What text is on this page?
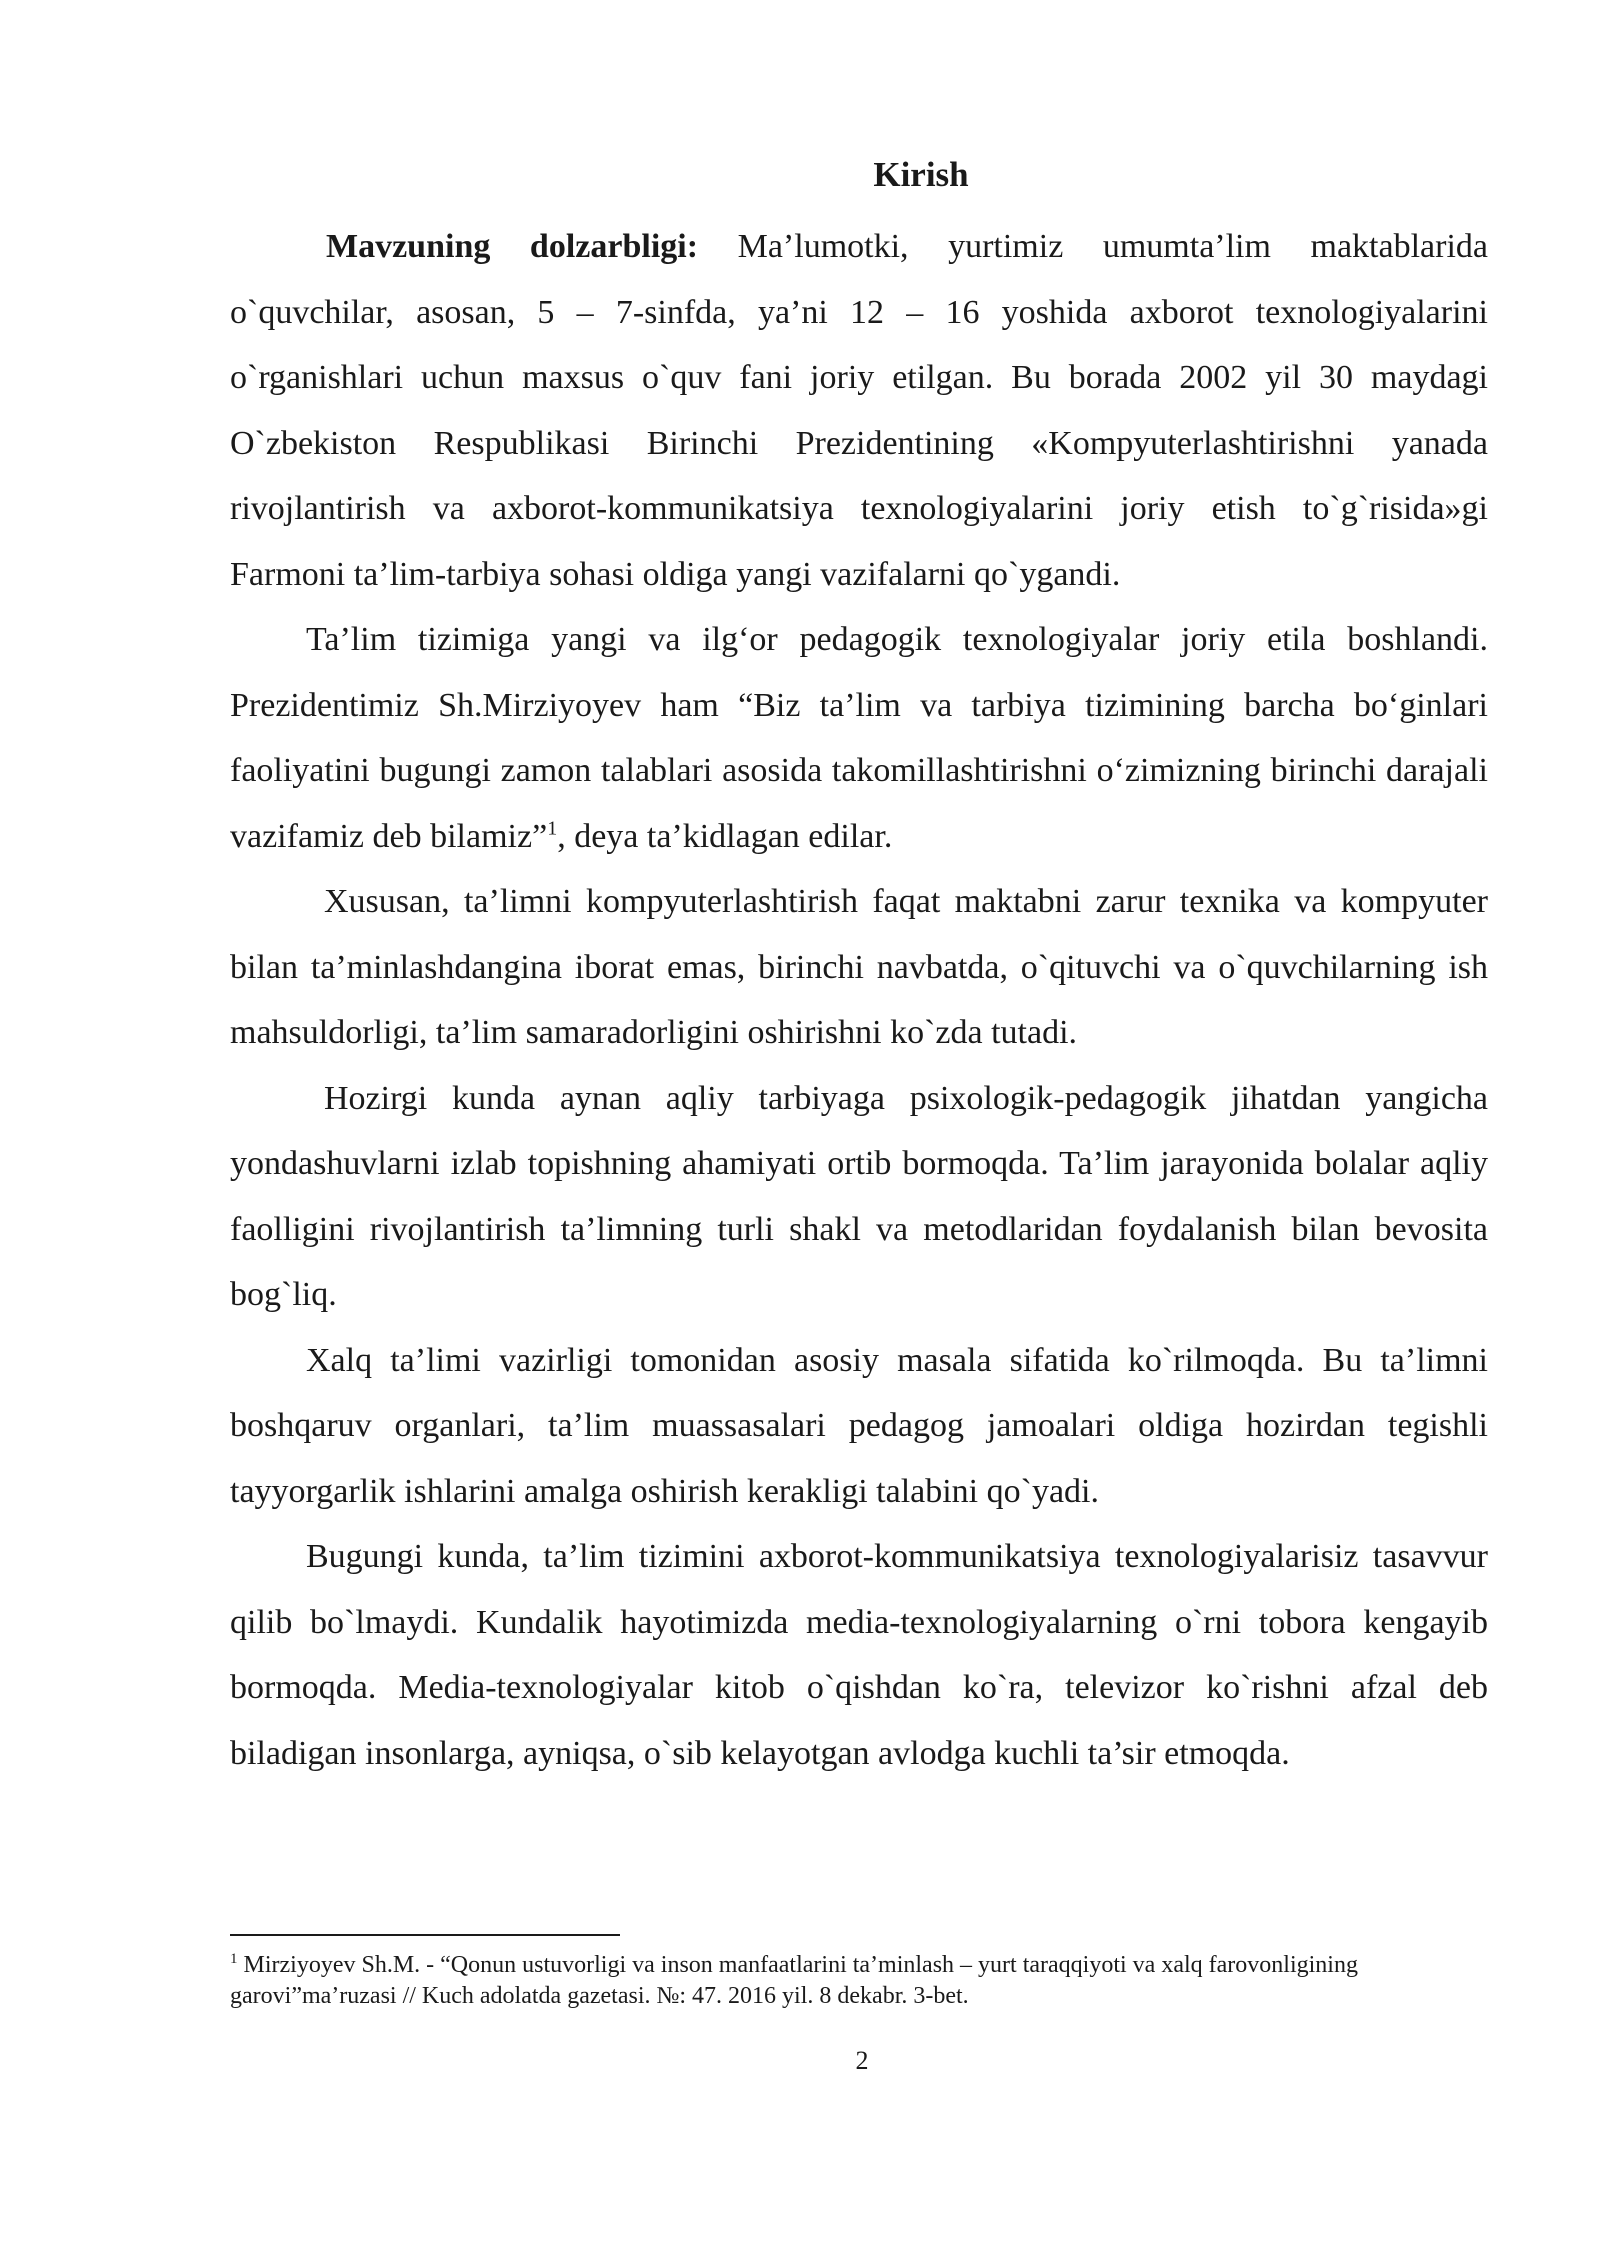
Kirish

Mavzuning dolzarbligi: Ma’lumotki, yurtimiz umumta’lim maktablarida o`quvchilar, asosan, 5 – 7-sinfda, ya’ni 12 – 16 yoshida axborot texnologiyalarini o`rganishlari uchun maxsus o`quv fani joriy etilgan. Bu borada 2002 yil 30 maydagi O`zbekiston Respublikasi Birinchi Prezidentining «Kompyuterlashtirishni yanada rivojlantirish va axborot-kommunikatsiya texnologiyalarini joriy etish to`g`risida»gi Farmoni ta’lim-tarbiya sohasi oldiga yangi vazifalarni qo`ygandi.

Ta’lim tizimiga yangi va ilg‘or pedagogik texnologiyalar joriy etila boshlandi. Prezidentimiz Sh.Mirziyoyev ham “Biz ta’lim va tarbiya tizimining barcha bo‘ginlari faoliyatini bugungi zamon talablari asosida takomillashtirishni o‘zimizning birinchi darajali vazifamiz deb bilamiz”$^1$, deya ta’kidlagan edilar.

Xususan, ta’limni kompyuterlashtirish faqat maktabni zarur texnika va kompyuter bilan ta’minlashdangina iborat emas, birinchi navbatda, o`qituvchi va o`quvchilarning ish mahsuldorligi, ta’lim samaradorligini oshirishni ko`zda tutadi.

Hozirgi kunda aynan aqliy tarbiyaga psixologik-pedagogik jihatdan yangicha yondashuvlarni izlab topishning ahamiyati ortib bormoqda. Ta’lim jarayonida bolalar aqliy faolligini rivojlantirish ta’limning turli shakl va metodlaridan foydalanish bilan bevosita bog`liq.

Xalq ta’limi vazirligi tomonidan asosiy masala sifatida ko`rilmoqda. Bu ta’limni boshqaruv organlari, ta’lim muassasalari pedagog jamoalari oldiga hozirdan tegishli tayyorgarlik ishlarini amalga oshirish kerakligi talabini qo`yadi.

Bugungi kunda, ta’lim tizimini axborot-kommunikatsiya texnologiyalarisiz tasavvur qilib bo`lmaydi. Kundalik hayotimizda media-texnologiyalarning o`rni tobora kengayib bormoqda. Media-texnologiyalar kitob o`qishdan ko`ra, televizor ko`rishni afzal deb biladigan insonlarga, ayniqsa, o`sib kelayotgan avlodga kuchli ta’sir etmoqda.

$^1$ Mirziyoyev Sh.M. - “Qonun ustuvorligi va inson manfaatlarini ta’minlash – yurt taraqqiyoti va xalq farovonligining garovi”ma’ruzasi // Kuch adolatda gazetasi. №: 47. 2016 yil. 8 dekabr. 3-bet.
2
